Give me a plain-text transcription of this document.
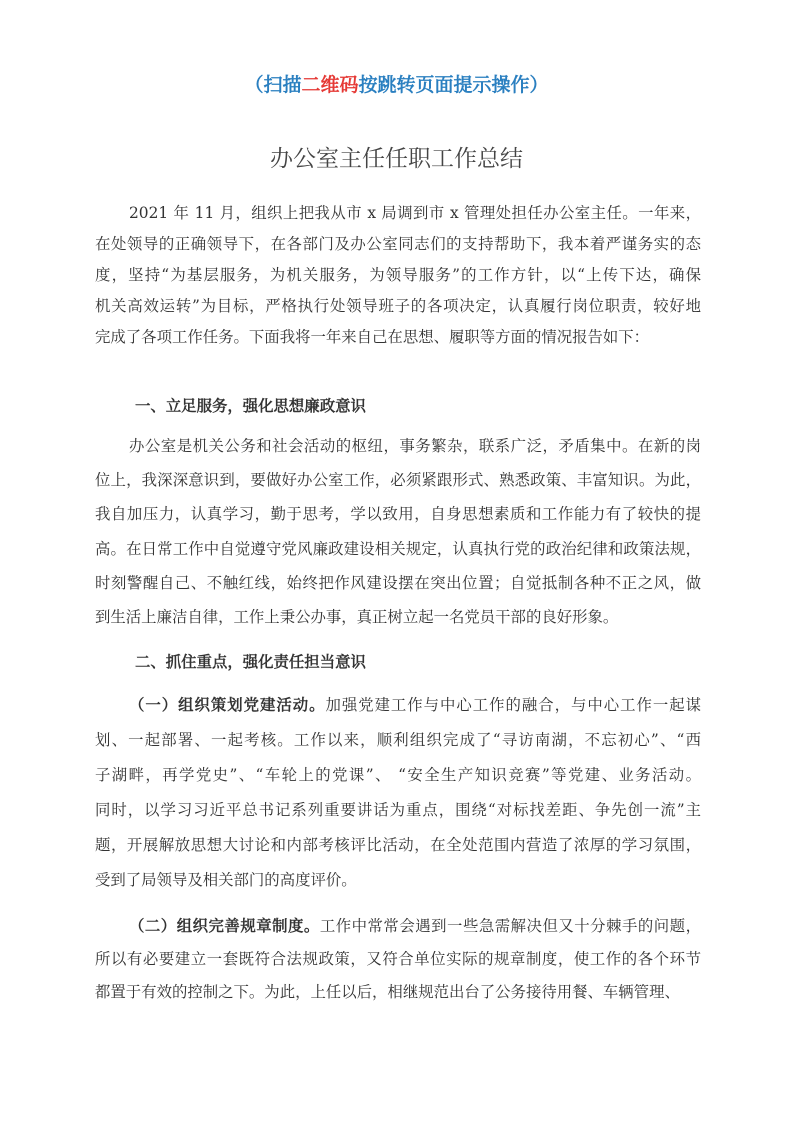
（扫描二维码按跳转页面提示操作）
办公室主任任职工作总结
2021 年 11 月，组织上把我从市 x 局调到市 x 管理处担任办公室主任。一年来，
在处领导的正确领导下，在各部门及办公室同志们的支持帮助下，我本着严谨务实的态
度，坚持“为基层服务，为机关服务，为领导服务”的工作方针，以“上传下达，确保
机关高效运转”为目标，严格执行处领导班子的各项决定，认真履行岗位职责，较好地
完成了各项工作任务。下面我将一年来自己在思想、履职等方面的情况报告如下：
一、立足服务，强化思想廉政意识
办公室是机关公务和社会活动的枢纽，事务繁杂，联系广泛，矛盾集中。在新的岗
位上，我深深意识到，要做好办公室工作，必须紧跟形式、熟悉政策、丰富知识。为此，
我自加压力，认真学习，勤于思考，学以致用，自身思想素质和工作能力有了较快的提
高。在日常工作中自觉遵守党风廉政建设相关规定，认真执行党的政治纪律和政策法规，
时刻警醒自己、不触红线，始终把作风建设摆在突出位置；自觉抵制各种不正之风，做
到生活上廉洁自律，工作上秉公办事，真正树立起一名党员干部的良好形象。
二、抓住重点，强化责任担当意识
（一）组织策划党建活动。加强党建工作与中心工作的融合，与中心工作一起谋
划、一起部署、一起考核。工作以来，顺利组织完成了“寻访南湖，不忘初心”、“西
子湖畔，再学党史”、“车轮上的党课”、 “安全生产知识竞赛”等党建、业务活动。
同时，以学习习近平总书记系列重要讲话为重点，围绕“对标找差距、争先创一流”主
题，开展解放思想大讨论和内部考核评比活动，在全处范围内营造了浓厚的学习氛围，
受到了局领导及相关部门的高度评价。
（二）组织完善规章制度。工作中常常会遇到一些急需解决但又十分棘手的问题，
所以有必要建立一套既符合法规政策，又符合单位实际的规章制度，使工作的各个环节
都置于有效的控制之下。为此，上任以后，相继规范出台了公务接待用餐、车辆管理、
